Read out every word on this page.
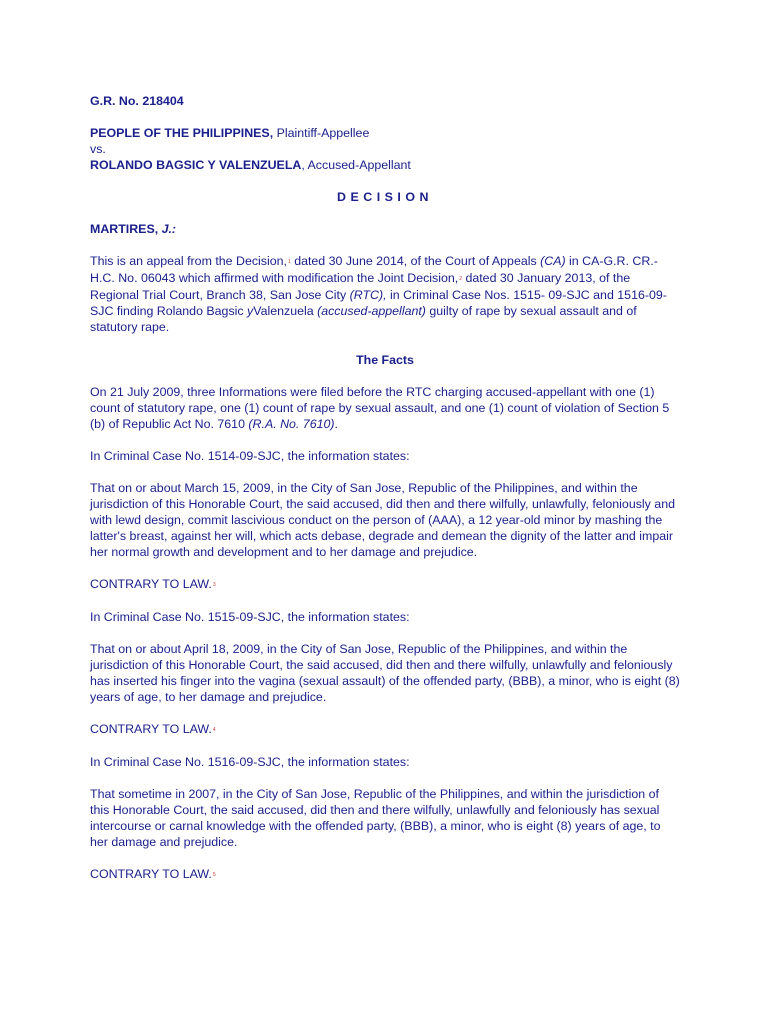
G.R. No. 218404

PEOPLE OF THE PHILIPPINES, Plaintiff-Appellee

vs.

ROLANDO BAGSIC Y VALENZUELA, Accused-Appellant

DECISION

MARTIRES, J.:

This is an appeal from the Decision,$^1$ dated 30 June 2014, of the Court of Appeals (CA) in CA-G.R. CR.-H.C. No. 06043 which affirmed with modification the Joint Decision,$^2$ dated 30 January 2013, of the Regional Trial Court, Branch 38, San Jose City (RTC), in Criminal Case Nos. 1515- 09-SJC and 1516-09-SJC finding Rolando Bagsic yValenzuela (accused-appellant) guilty of rape by sexual assault and of statutory rape.

The Facts

On 21 July 2009, three Informations were filed before the RTC charging accused-appellant with one (1) count of statutory rape, one (1) count of rape by sexual assault, and one (1) count of violation of Section 5 (b) of Republic Act No. 7610 (R.A. No. 7610).

In Criminal Case No. 1514-09-SJC, the information states:

That on or about March 15, 2009, in the City of San Jose, Republic of the Philippines, and within the jurisdiction of this Honorable Court, the said accused, did then and there wilfully, unlawfully, feloniously and with lewd design, commit lascivious conduct on the person of (AAA), a 12 year-old minor by mashing the latter's breast, against her will, which acts debase, degrade and demean the dignity of the latter and impair her normal growth and development and to her damage and prejudice.

CONTRARY TO LAW.$^3$

In Criminal Case No. 1515-09-SJC, the information states:

That on or about April 18, 2009, in the City of San Jose, Republic of the Philippines, and within the jurisdiction of this Honorable Court, the said accused, did then and there wilfully, unlawfully and feloniously has inserted his finger into the vagina (sexual assault) of the offended party, (BBB), a minor, who is eight (8) years of age, to her damage and prejudice.

CONTRARY TO LAW.$^4$

In Criminal Case No. 1516-09-SJC, the information states:

That sometime in 2007, in the City of San Jose, Republic of the Philippines, and within the jurisdiction of this Honorable Court, the said accused, did then and there wilfully, unlawfully and feloniously has sexual intercourse or carnal knowledge with the offended party, (BBB), a minor, who is eight (8) years of age, to her damage and prejudice.

CONTRARY TO LAW.$^5$
